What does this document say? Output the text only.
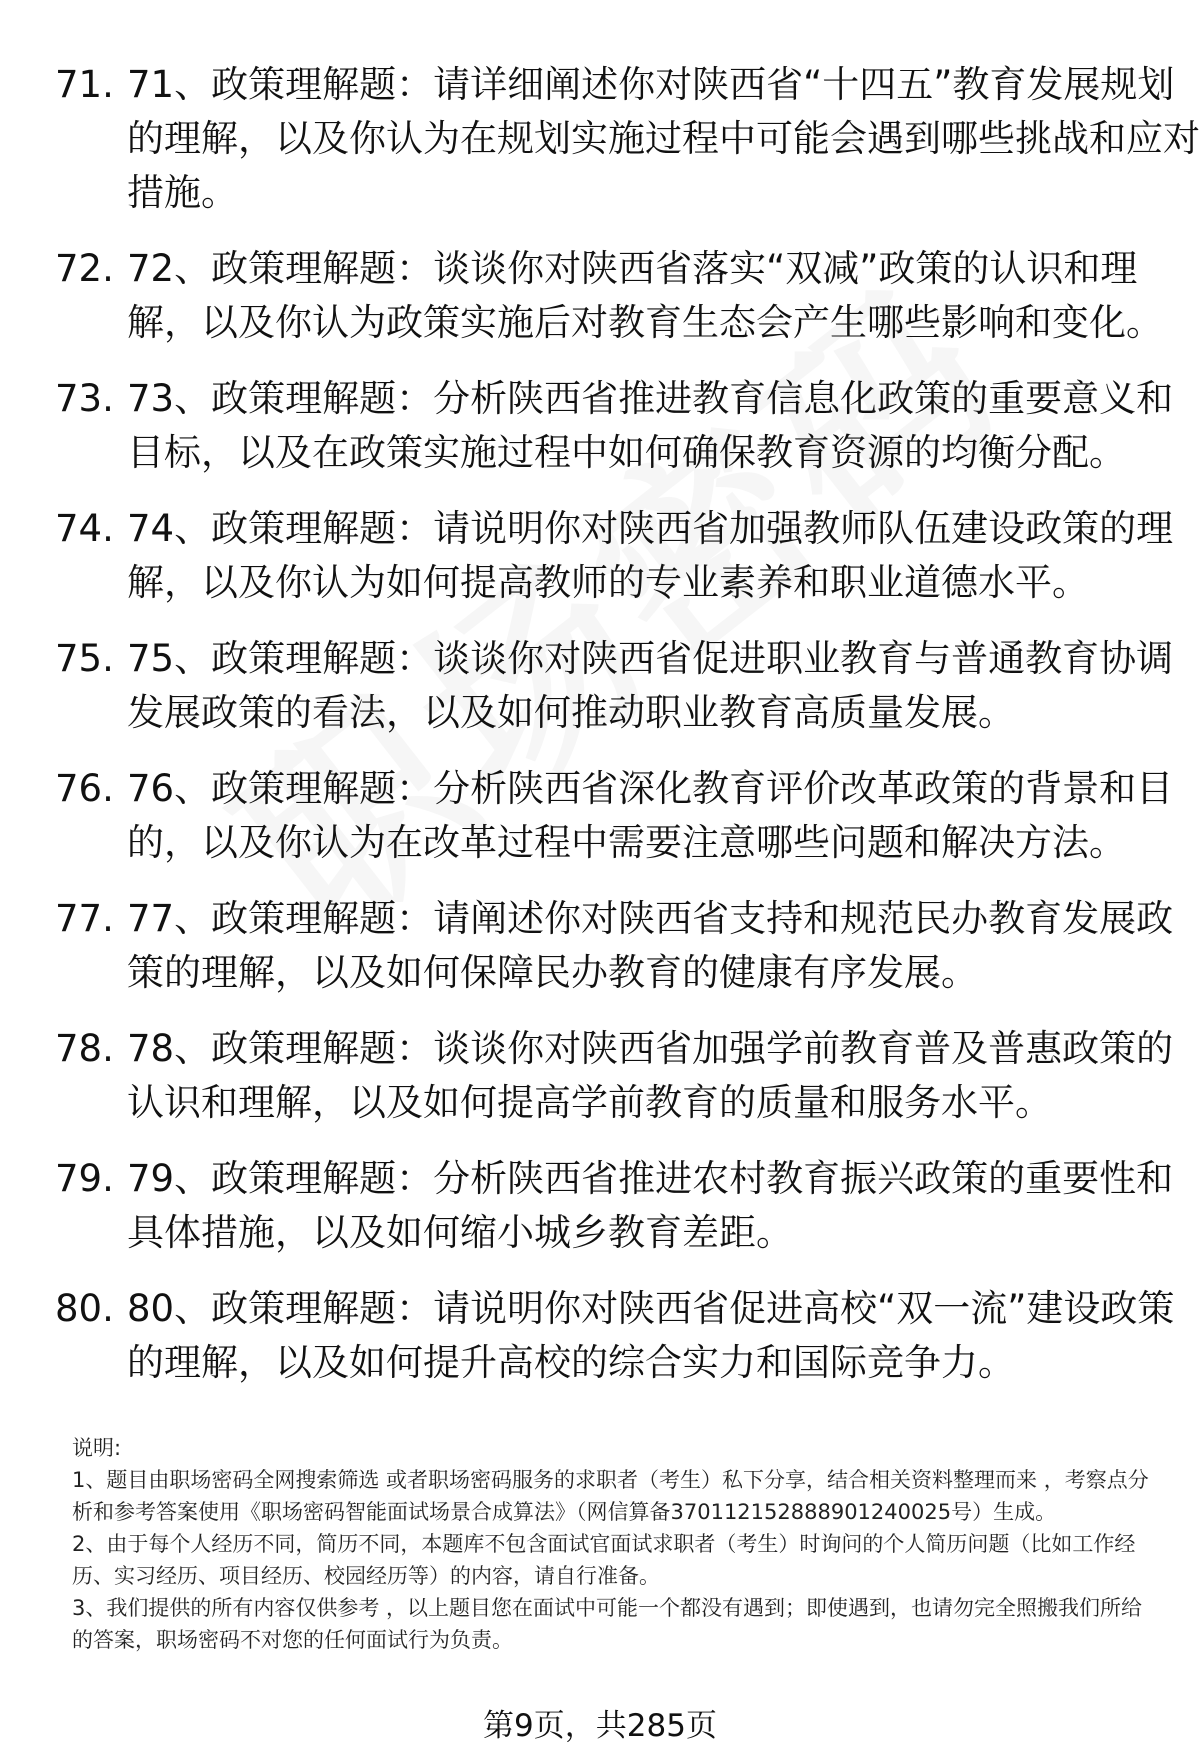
71. 71、政策理解题：请详细阐述你对陕西省“十四五”教育发展规划的理解，以及你认为在规划实施过程中可能会遇到哪些挑战和应对措施。
72. 72、政策理解题：谈谈你对陕西省落实“双减”政策的认识和理解，以及你认为政策实施后对教育生态会产生哪些影响和变化。
73. 73、政策理解题：分析陕西省推进教育信息化政策的重要意义和目标，以及在政策实施过程中如何确保教育资源的均衡分配。
74. 74、政策理解题：请说明你对陕西省加强教师队伍建设政策的理解，以及你认为如何提高教师的专业素养和职业道德水平。
75. 75、政策理解题：谈谈你对陕西省促进职业教育与普通教育协调发展政策的看法，以及如何推动职业教育高质量发展。
76. 76、政策理解题：分析陕西省深化教育评价改革政策的背景和目的，以及你认为在改革过程中需要注意哪些问题和解决方法。
77. 77、政策理解题：请阐述你对陕西省支持和规范民办教育发展政策的理解，以及如何保障民办教育的健康有序发展。
78. 78、政策理解题：谈谈你对陕西省加强学前教育普及普惠政策的认识和理解，以及如何提高学前教育的质量和服务水平。
79. 79、政策理解题：分析陕西省推进农村教育振兴政策的重要性和具体措施，以及如何缩小城乡教育差距。
80. 80、政策理解题：请说明你对陕西省促进高校“双一流”建设政策的理解，以及如何提升高校的综合实力和国际竞争力。
说明:
1、题目由职场密码全网搜索筛选 或者职场密码服务的求职者（考生）私下分享，结合相关资料整理而来 ，考察点分析和参考答案使用《职场密码智能面试场景合成算法》（网信算备370112152888901240025号）生成。
2、由于每个人经历不同，简历不同，本题库不包含面试官面试求职者（考生）时询问的个人简历问题（比如工作经历、实习经历、项目经历、校园经历等）的内容，请自行准备。
3、我们提供的所有内容仅供参考 ，以上题目您在面试中可能一个都没有遇到；即使遇到，也请勿完全照搬我们所给的答案，职场密码不对您的任何面试行为负责。
第9页，共285页
